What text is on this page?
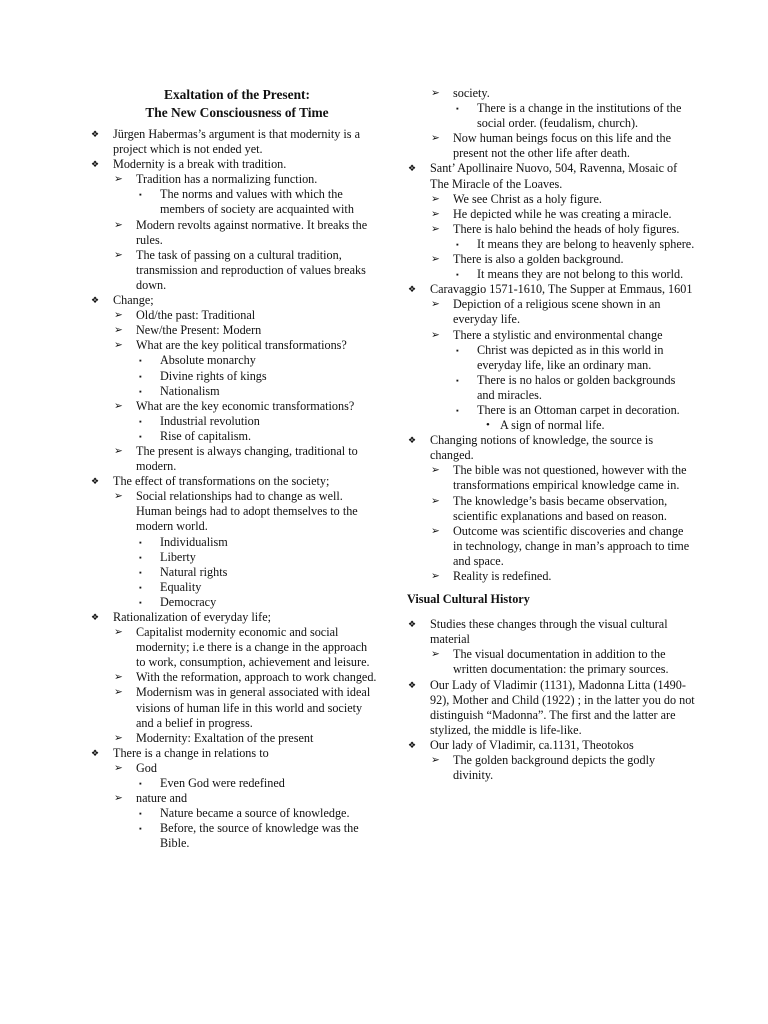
Exaltation of the Present:
The New Consciousness of Time
❖ Jürgen Habermas’s argument is that modernity is a project which is not ended yet.
❖ Modernity is a break with tradition.
➢ Tradition has a normalizing function.
▪ The norms and values with which the members of society are acquainted with
➢ Modern revolts against normative. It breaks the rules.
➢ The task of passing on a cultural tradition, transmission and reproduction of values breaks down.
❖ Change;
➢ Old/the past: Traditional
➢ New/the Present: Modern
➢ What are the key political transformations?
▪ Absolute monarchy
▪ Divine rights of kings
▪ Nationalism
➢ What are the key economic transformations?
▪ Industrial revolution
▪ Rise of capitalism.
➢ The present is always changing, traditional to modern.
❖ The effect of transformations on the society;
➢ Social relationships had to change as well. Human beings had to adopt themselves to the modern world.
▪ Individualism
▪ Liberty
▪ Natural rights
▪ Equality
▪ Democracy
❖ Rationalization of everyday life;
➢ Capitalist modernity economic and social modernity; i.e there is a change in the approach to work, consumption, achievement and leisure.
➢ With the reformation, approach to work changed.
➢ Modernism was in general associated with ideal visions of human life in this world and society and a belief in progress.
➢ Modernity: Exaltation of the present
❖ There is a change in relations to
➢ God
▪ Even God were redefined
➢ nature and
▪ Nature became a source of knowledge.
▪ Before, the source of knowledge was the Bible.
➢ society.
▪ There is a change in the institutions of the social order. (feudalism, church).
➢ Now human beings focus on this life and the present not the other life after death.
❖ Sant’ Apollinaire Nuovo, 504, Ravenna, Mosaic of The Miracle of the Loaves.
➢ We see Christ as a holy figure.
➢ He depicted while he was creating a miracle.
➢ There is halo behind the heads of holy figures.
▪ It means they are belong to heavenly sphere.
➢ There is also a golden background.
▪ It means they are not belong to this world.
❖ Caravaggio 1571-1610, The Supper at Emmaus, 1601
➢ Depiction of a religious scene shown in an everyday life.
➢ There a stylistic and environmental change
▪ Christ was depicted as in this world in everyday life, like an ordinary man.
▪ There is no halos or golden backgrounds and miracles.
▪ There is an Ottoman carpet in decoration.
• A sign of normal life.
❖ Changing notions of knowledge, the source is changed.
➢ The bible was not questioned, however with the transformations empirical knowledge came in.
➢ The knowledge’s basis became observation, scientific explanations and based on reason.
➢ Outcome was scientific discoveries and change in technology, change in man’s approach to time and space.
➢ Reality is redefined.
Visual Cultural History
❖ Studies these changes through the visual cultural material
➢ The visual documentation in addition to the written documentation: the primary sources.
❖ Our Lady of Vladimir (1131), Madonna Litta (1490-92), Mother and Child (1922) ; in the latter you do not distinguish “Madonna”. The first and the latter are stylized, the middle is life-like.
❖ Our lady of Vladimir, ca.1131, Theotokos
➢ The golden background depicts the godly divinity.
